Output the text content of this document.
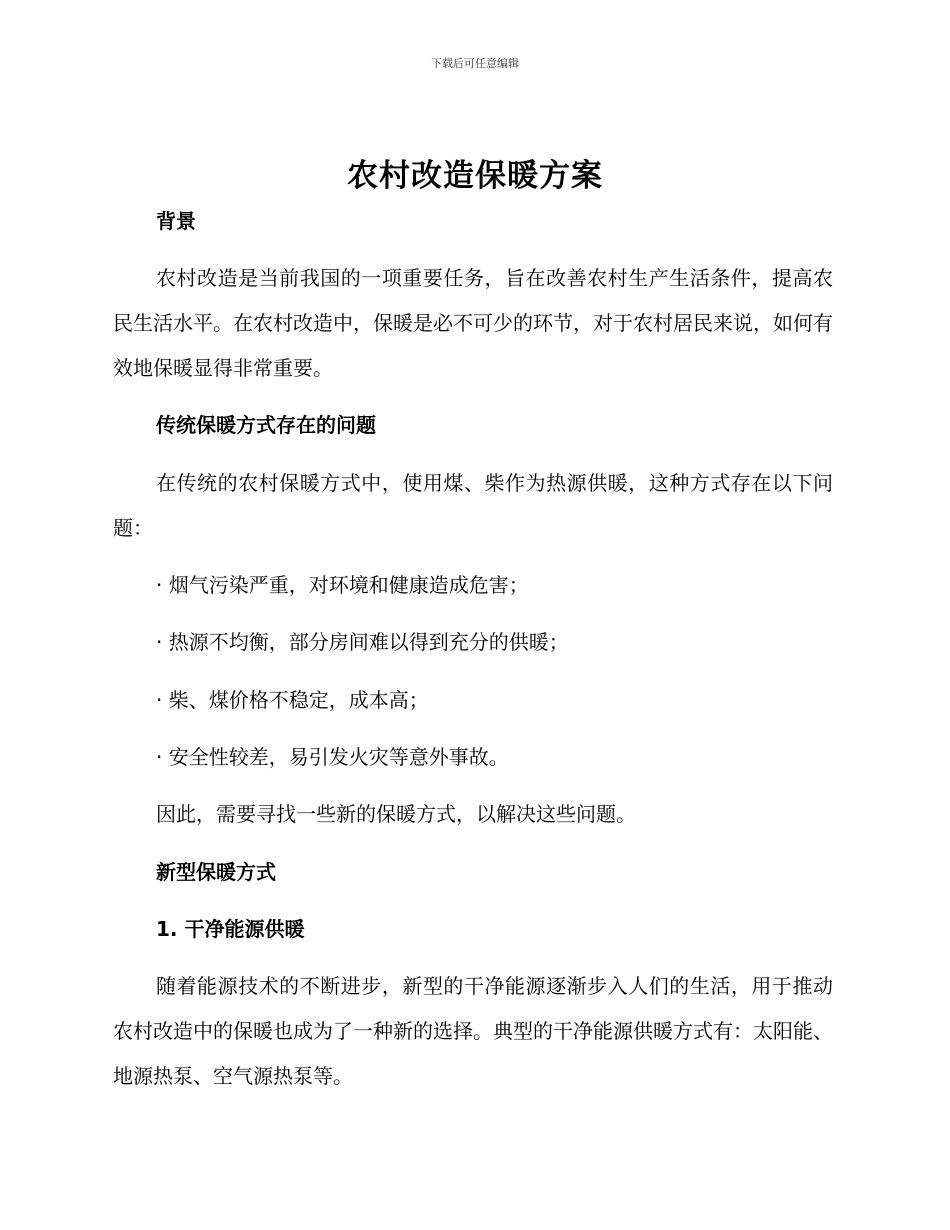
下载后可任意编辑
农村改造保暖方案

背景

农村改造是当前我国的一项重要任务，旨在改善农村生产生活条件，提高农民生活水平。在农村改造中，保暖是必不可少的环节，对于农村居民来说，如何有效地保暖显得非常重要。

传统保暖方式存在的问题

在传统的农村保暖方式中，使用煤、柴作为热源供暖，这种方式存在以下问题：

· 烟气污染严重，对环境和健康造成危害；

· 热源不均衡，部分房间难以得到充分的供暖；

· 柴、煤价格不稳定，成本高；

· 安全性较差，易引发火灾等意外事故。

因此，需要寻找一些新的保暖方式，以解决这些问题。

新型保暖方式

1. 干净能源供暖

随着能源技术的不断进步，新型的干净能源逐渐步入人们的生活，用于推动农村改造中的保暖也成为了一种新的选择。典型的干净能源供暖方式有：太阳能、地源热泵、空气源热泵等。
